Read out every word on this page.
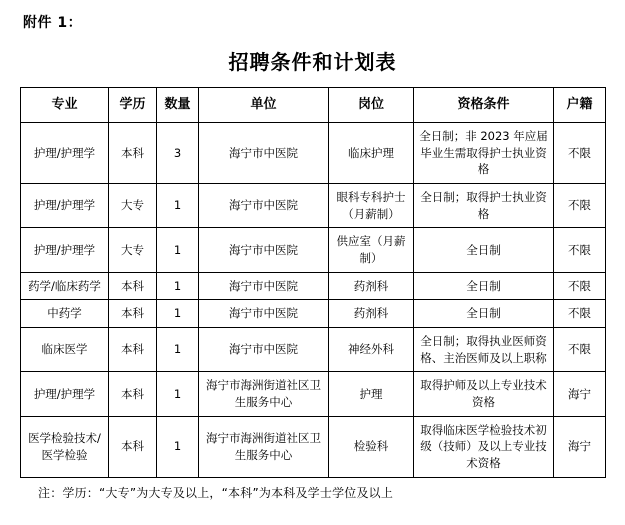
附件 1：
招聘条件和计划表
专业	学历	数量	单位	岗位	资格条件	户籍
护理/护理学	本科	3	海宁市中医院	临床护理	全日制；非 2023 年应届毕业生需取得护士执业资格	不限
护理/护理学	大专	1	海宁市中医院	眼科专科护士（月薪制）	全日制；取得护士执业资格	不限
护理/护理学	大专	1	海宁市中医院	供应室（月薪制）	全日制	不限
药学/临床药学	本科	1	海宁市中医院	药剂科	全日制	不限
中药学	本科	1	海宁市中医院	药剂科	全日制	不限
临床医学	本科	1	海宁市中医院	神经外科	全日制；取得执业医师资格、主治医师及以上职称	不限
护理/护理学	本科	1	海宁市海洲街道社区卫生服务中心	护理	取得护师及以上专业技术资格	海宁
医学检验技术/医学检验	本科	1	海宁市海洲街道社区卫生服务中心	检验科	取得临床医学检验技术初级（技师）及以上专业技术资格	海宁
注：学历：“大专”为大专及以上，“本科”为本科及学士学位及以上
